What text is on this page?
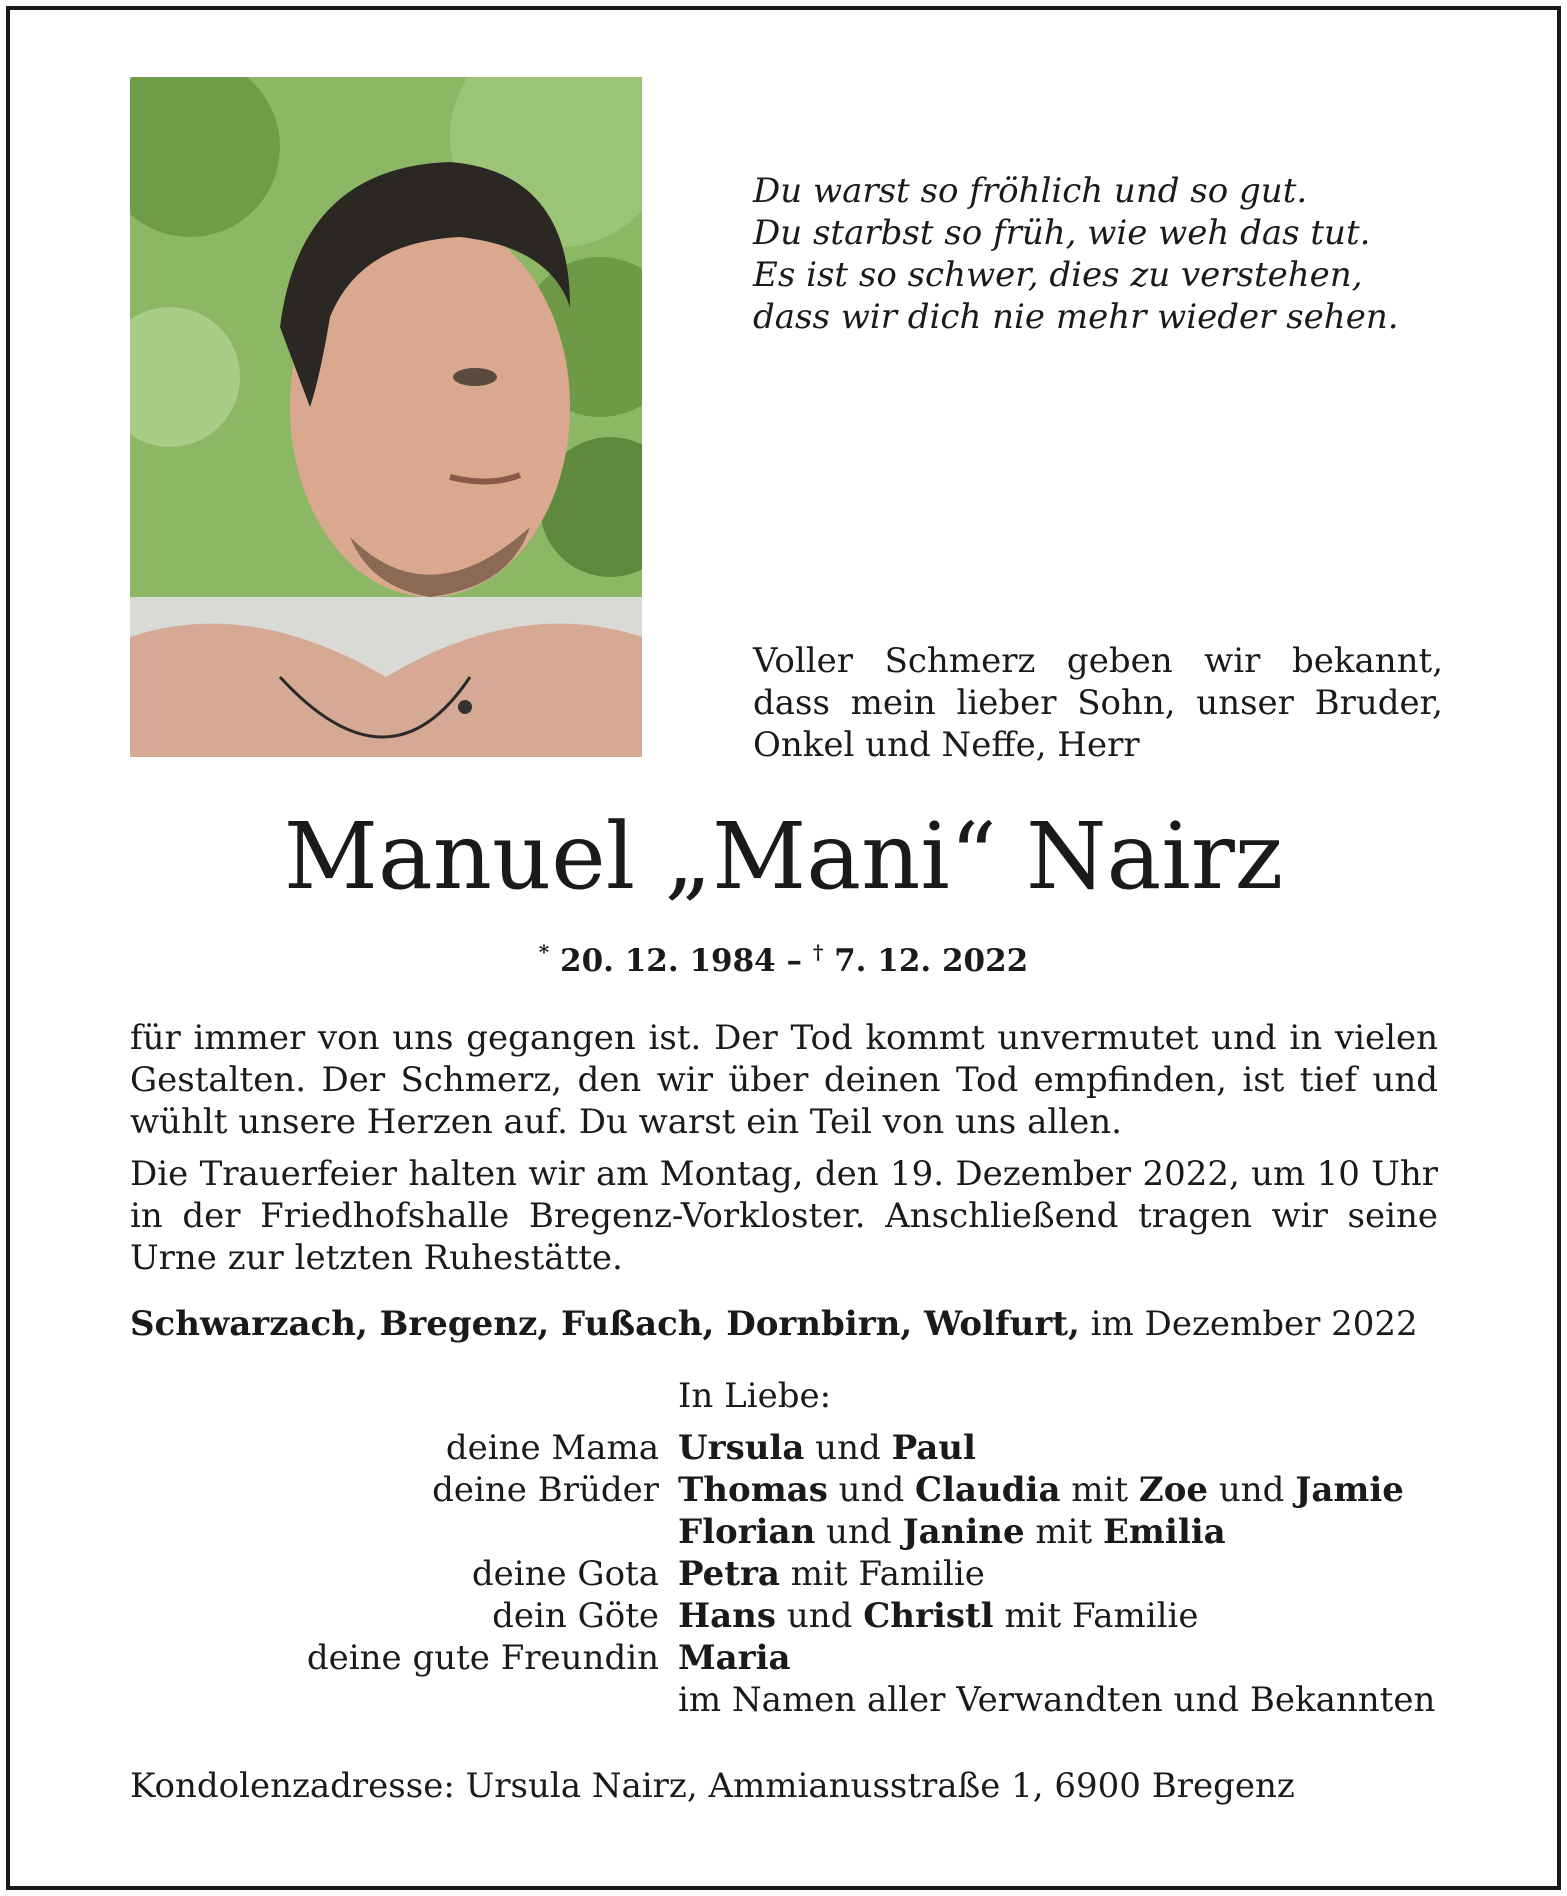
Du warst so fröhlich und so gut.
Du starbst so früh, wie weh das tut.
Es ist so schwer, dies zu verstehen,
dass wir dich nie mehr wieder sehen.
Voller Schmerz geben wir bekannt, dass mein lieber Sohn, unser Bruder, Onkel und Neffe, Herr
Manuel „Mani“ Nairz
* 20. 12. 1984 – † 7. 12. 2022
für immer von uns gegangen ist. Der Tod kommt unvermutet und in vielen Gestalten. Der Schmerz, den wir über deinen Tod empfinden, ist tief und wühlt unsere Herzen auf. Du warst ein Teil von uns allen.
Die Trauerfeier halten wir am Montag, den 19. Dezember 2022, um 10 Uhr in der Friedhofshalle Bregenz-Vorkloster. Anschließend tragen wir seine Urne zur letzten Ruhestätte.
Schwarzach, Bregenz, Fußach, Dornbirn, Wolfurt, im Dezember 2022
In Liebe:
deine Mama Ursula und Paul
deine Brüder Thomas und Claudia mit Zoe und Jamie
Florian und Janine mit Emilia
deine Gota Petra mit Familie
dein Göte Hans und Christl mit Familie
deine gute Freundin Maria
im Namen aller Verwandten und Bekannten
Kondolenzadresse: Ursula Nairz, Ammianusstraße 1, 6900 Bregenz
